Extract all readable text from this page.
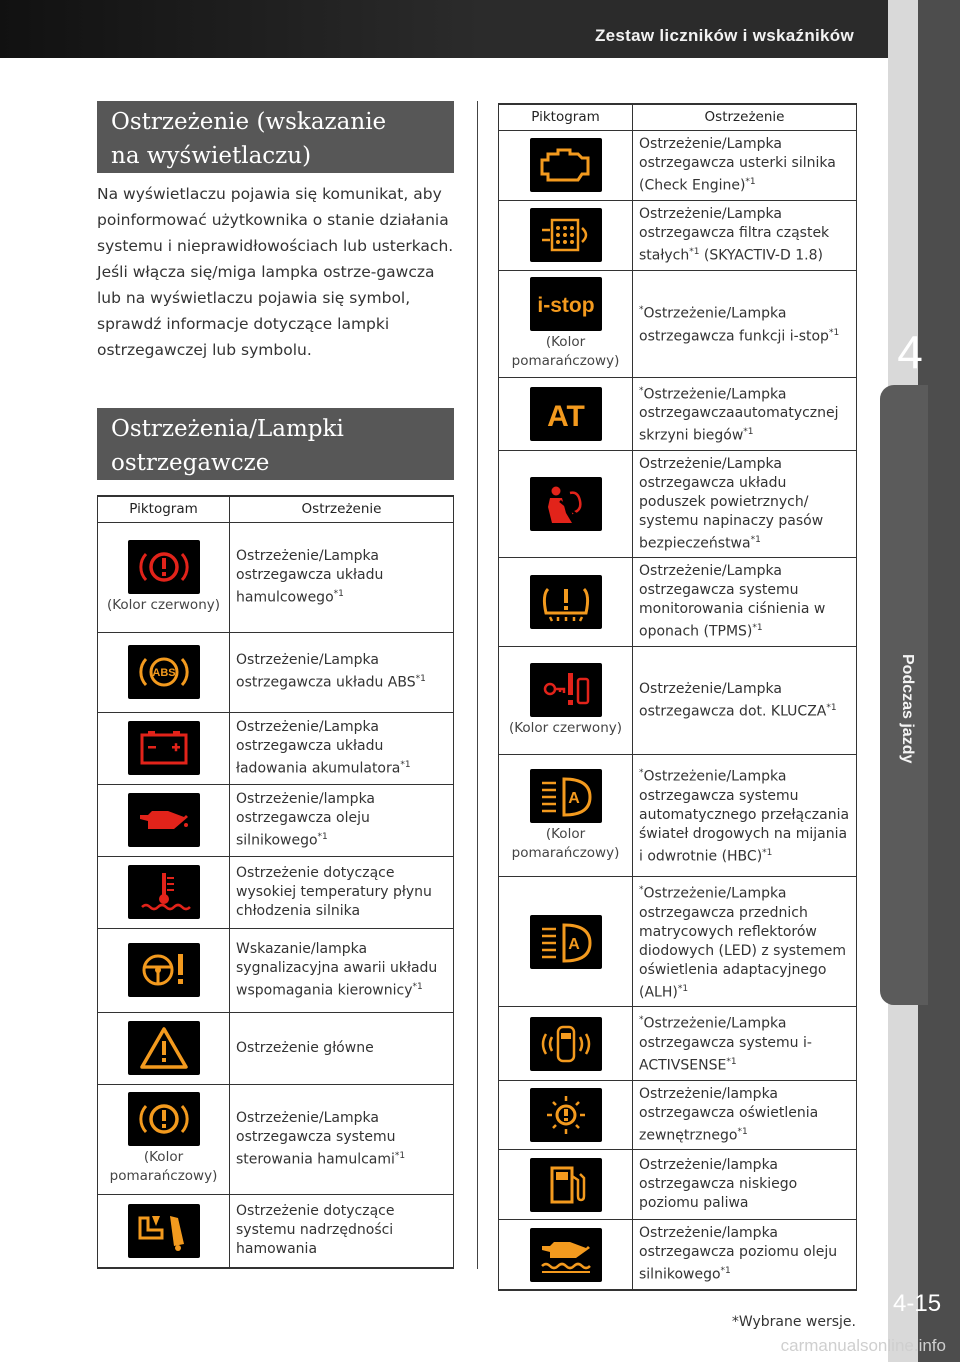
Zestaw liczników i wskaźników
4
Podczas jazdy
4-15
Ostrzeżenie (wskazanie
na wyświetlaczu)
Na wyświetlaczu pojawia się komunikat, aby poinformować użytkownika o stanie działania systemu i nieprawidłowościach lub usterkach. Jeśli włącza się/miga lampka ostrze-gawcza lub na wyświetlaczu pojawia się symbol, sprawdź informacje dotyczące lampki ostrzegawczej lub symbolu.
Ostrzeżenia/Lampki
ostrzegawcze
Piktogram	Ostrzeżenie

(Kolor czerwony)	Ostrzeżenie/Lampka ostrzegawcza układu hamulcowego$^{*1}$

ABS	Ostrzeżenie/Lampka ostrzegawcza układu ABS$^{*1}$

	Ostrzeżenie/Lampka ostrzegawcza układu ładowania akumulatora$^{*1}$

	Ostrzeżenie/lampka ostrzegawcza oleju silnikowego$^{*1}$

	Ostrzeżenie dotyczące wysokiej temperatury płynu chłodzenia silnika

	Wskazanie/lampka sygnalizacyjna awarii układu wspomagania kierownicy$^{*1}$

	Ostrzeżenie główne

(Kolor pomarańczowy)	Ostrzeżenie/Lampka ostrzegawcza systemu sterowania hamulcami$^{*1}$

	Ostrzeżenie dotyczące systemu nadrzędności hamowania
Piktogram	Ostrzeżenie

	Ostrzeżenie/Lampka ostrzegawcza usterki silnika (Check Engine)$^{*1}$

	Ostrzeżenie/Lampka ostrzegawcza filtra cząstek stałych$^{*1}$ (SKYACTIV-D 1.8)

i-stop
(Kolor pomarańczowy)	*Ostrzeżenie/Lampka ostrzegawcza funkcji i-stop$^{*1}$

AT	*Ostrzeżenie/Lampka ostrzegawczaautomatycznej skrzyni biegów$^{*1}$

	Ostrzeżenie/Lampka ostrzegawcza układu poduszek powietrznych/ systemu napinaczy pasów bezpieczeństwa$^{*1}$

	Ostrzeżenie/Lampka ostrzegawcza systemu monitorowania ciśnienia w oponach (TPMS)$^{*1}$

(Kolor czerwony)	Ostrzeżenie/Lampka ostrzegawcza dot. KLUCZA$^{*1}$

A
(Kolor pomarańczowy)	*Ostrzeżenie/Lampka ostrzegawcza systemu automatycznego przełączania świateł drogowych na mijania i odwrotnie (HBC)$^{*1}$

A	*Ostrzeżenie/Lampka ostrzegawcza przednich matrycowych reflektorów diodowych (LED) z systemem oświetlenia adaptacyjnego (ALH)$^{*1}$

	*Ostrzeżenie/Lampka ostrzegawcza systemu i-ACTIVSENSE$^{*1}$

	Ostrzeżenie/lampka ostrzegawcza oświetlenia zewnętrznego$^{*1}$

	Ostrzeżenie/lampka ostrzegawcza niskiego poziomu paliwa

	Ostrzeżenie/lampka ostrzegawcza poziomu oleju silnikowego$^{*1}$
*Wybrane wersje.
carmanualsonline.info
